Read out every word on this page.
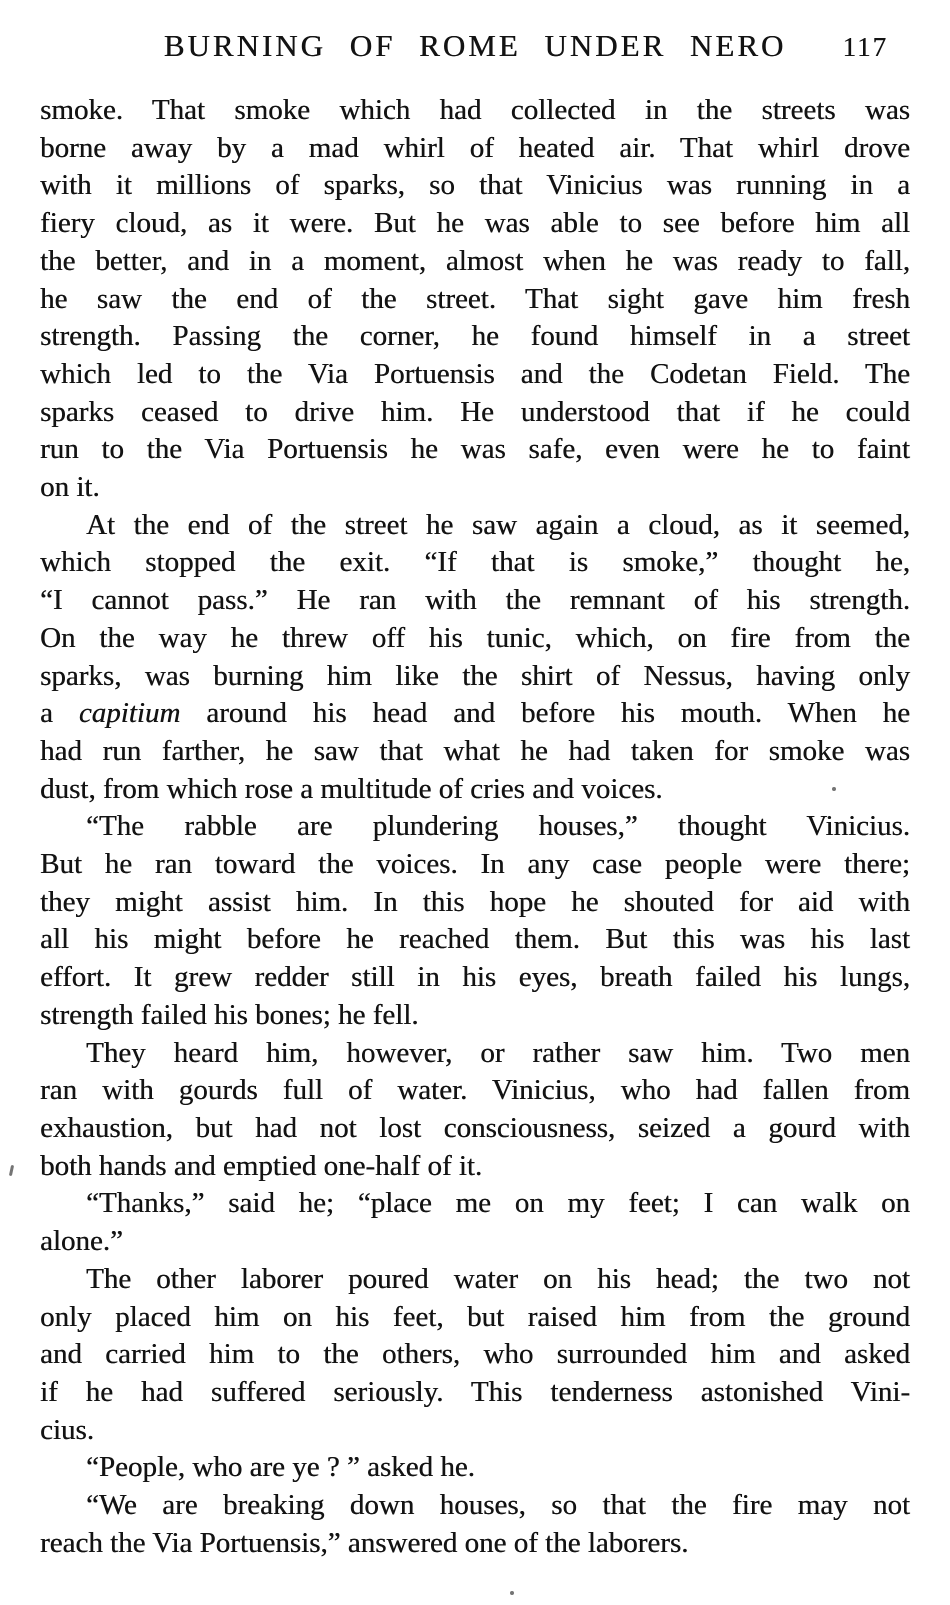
BURNING OF ROME UNDER NERO	117
smoke. That smoke which had collected in the streets was
borne away by a mad whirl of heated air. That whirl drove
with it millions of sparks, so that Vinicius was running in a
fiery cloud, as it were. But he was able to see before him all
the better, and in a moment, almost when he was ready to fall,
he saw the end of the street. That sight gave him fresh
strength. Passing the corner, he found himself in a street
which led to the Via Portuensis and the Codetan Field. The
sparks ceased to drive him. He understood that if he could
run to the Via Portuensis he was safe, even were he to faint
on it.
At the end of the street he saw again a cloud, as it seemed,
which stopped the exit. “If that is smoke,” thought he,
“I cannot pass.” He ran with the remnant of his strength.
On the way he threw off his tunic, which, on fire from the
sparks, was burning him like the shirt of Nessus, having only
a capitium around his head and before his mouth. When he
had run farther, he saw that what he had taken for smoke was
dust, from which rose a multitude of cries and voices.
“The rabble are plundering houses,” thought Vinicius.
But he ran toward the voices. In any case people were there;
they might assist him. In this hope he shouted for aid with
all his might before he reached them. But this was his last
effort. It grew redder still in his eyes, breath failed his lungs,
strength failed his bones; he fell.
They heard him, however, or rather saw him. Two men
ran with gourds full of water. Vinicius, who had fallen from
exhaustion, but had not lost consciousness, seized a gourd with
both hands and emptied one-half of it.
“Thanks,” said he; “place me on my feet; I can walk on
alone.”
The other laborer poured water on his head; the two not
only placed him on his feet, but raised him from the ground
and carried him to the others, who surrounded him and asked
if he had suffered seriously. This tenderness astonished Vini-
cius.
“People, who are ye ? ” asked he.
“We are breaking down houses, so that the fire may not
reach the Via Portuensis,” answered one of the laborers.
